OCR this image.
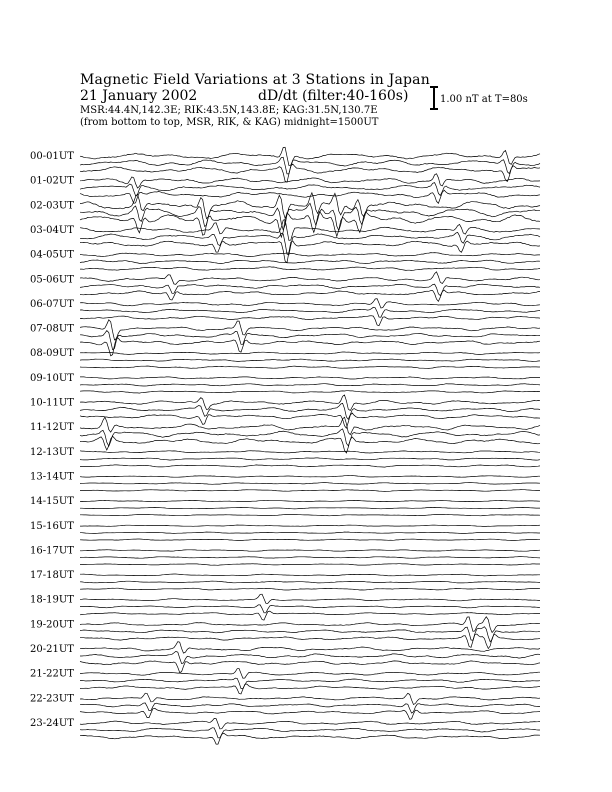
Magnetic Field Variations at 3 Stations in Japan
21 January 2002	dD/dt (filter:40-160s)
MSR:44.4N,142.3E; RIK:43.5N,143.8E; KAG:31.5N,130.7E
(from bottom to top, MSR, RIK, & KAG) midnight=1500UT
1.00 nT at T=80s
00-01UT
01-02UT
02-03UT
03-04UT
04-05UT
05-06UT
06-07UT
07-08UT
08-09UT
09-10UT
10-11UT
11-12UT
12-13UT
13-14UT
14-15UT
15-16UT
16-17UT
17-18UT
18-19UT
19-20UT
20-21UT
21-22UT
22-23UT
23-24UT
